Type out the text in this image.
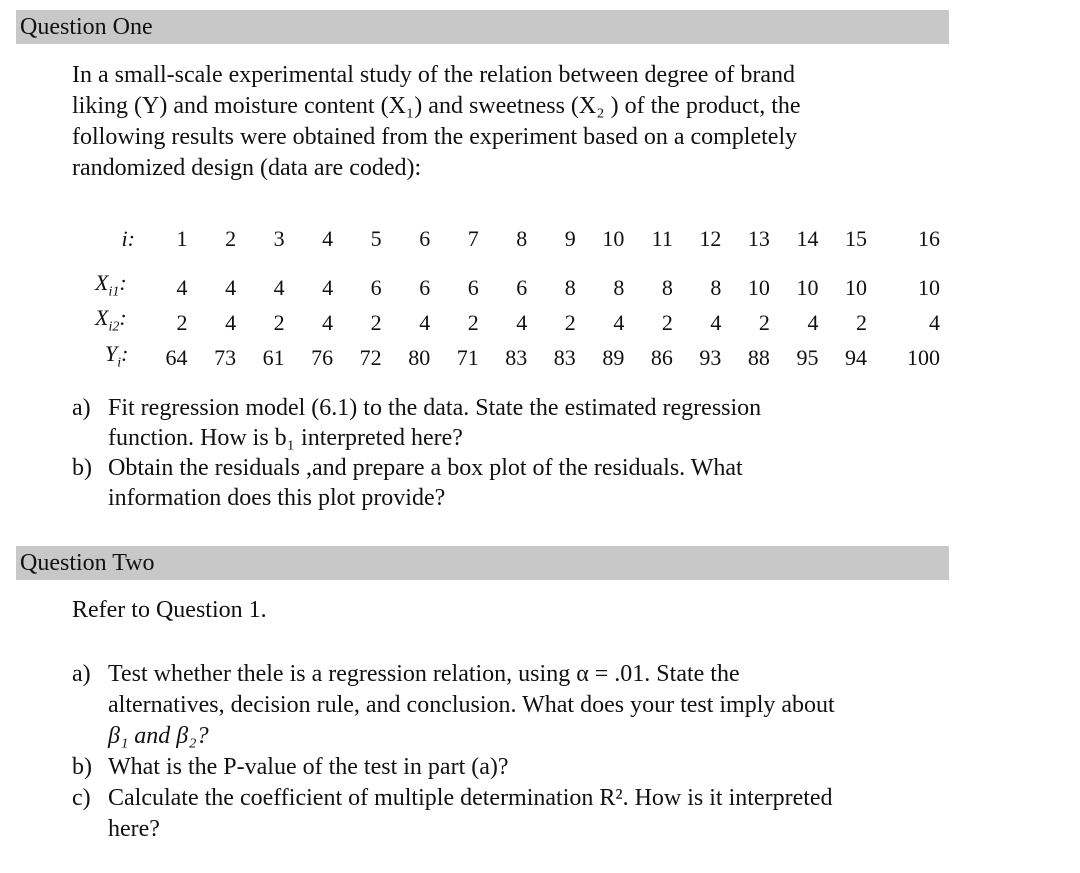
Question One
In a small-scale experimental study of the relation between degree of brand
liking (Y) and moisture content (X₁) and sweetness (X₂ ) of the product, the
following results were obtained from the experiment based on a completely
randomized design (data are coded):
i:	1	2	3	4	5	6	7	8	9	10	11	12	13	14	15	16

$X_{i1}$:	4	4	4	4	6	6	6	6	8	8	8	8	10	10	10	10
$X_{i2}$:	2	4	2	4	2	4	2	4	2	4	2	4	2	4	2	4
$Y_i$:	64	73	61	76	72	80	71	83	83	89	86	93	88	95	94	100
a) Fit regression model (6.1) to the data. State the estimated regression
function. How is b₁ interpreted here?
b) Obtain the residuals ,and prepare a box plot of the residuals. What
information does this plot provide?
Question Two
Refer to Question 1.
a) Test whether thele is a regression relation, using α = .01. State the
alternatives, decision rule, and conclusion. What does your test imply about
β₁ and β₂?
b) What is the P-value of the test in part (a)?
c) Calculate the coefficient of multiple determination R². How is it interpreted
here?
